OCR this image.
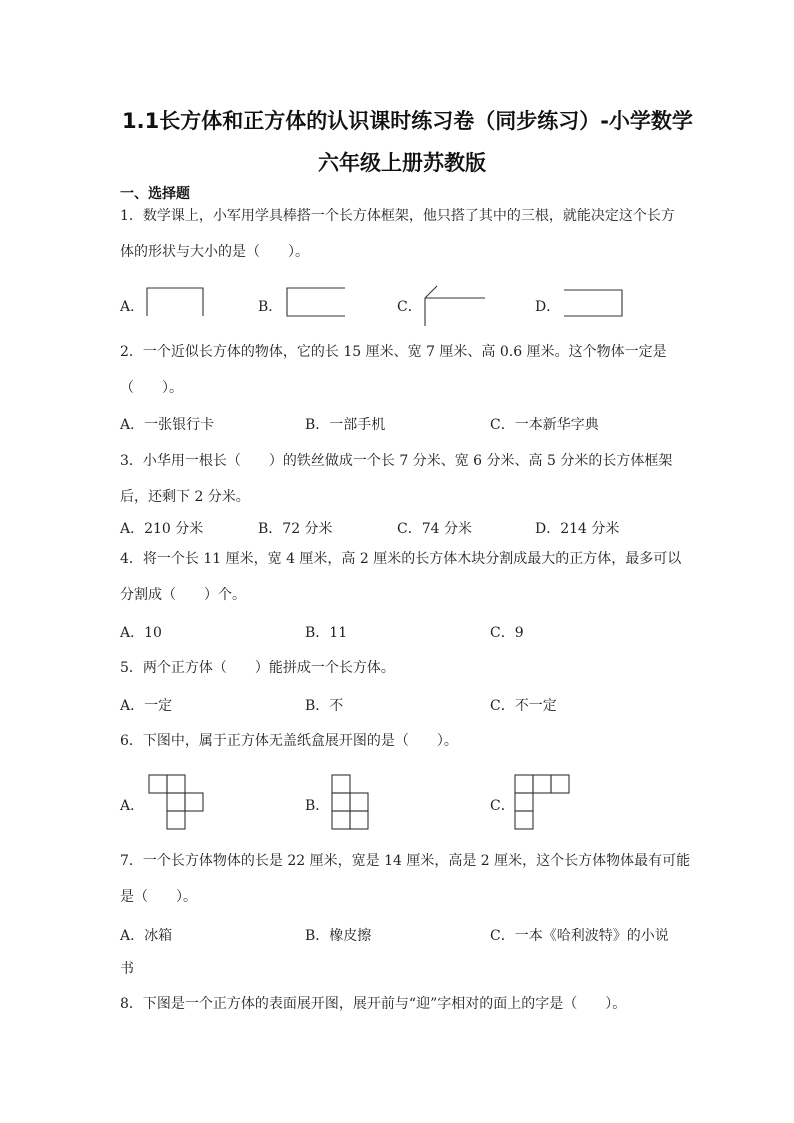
1.1长方体和正方体的认识课时练习卷（同步练习）-小学数学
六年级上册苏教版
一、选择题
1．数学课上，小军用学具棒搭一个长方体框架，他只搭了其中的三根，就能决定这个长方
体的形状与大小的是（　　）。
A．	B．	C．	D．
2．一个近似长方体的物体，它的长 15 厘米、宽 7 厘米、高 0.6 厘米。这个物体一定是
（　　）。
A．一张银行卡	B．一部手机	C．一本新华字典
3．小华用一根长（　　）的铁丝做成一个长 7 分米、宽 6 分米、高 5 分米的长方体框架
后，还剩下 2 分米。
A．210 分米	B．72 分米	C．74 分米	D．214 分米
4．将一个长 11 厘米，宽 4 厘米，高 2 厘米的长方体木块分割成最大的正方体，最多可以
分割成（　　）个。
A．10	B．11	C．9
5．两个正方体（　　）能拼成一个长方体。
A．一定	B．不	C．不一定
6．下图中，属于正方体无盖纸盒展开图的是（　　）。
A．	B．	C．
7．一个长方体物体的长是 22 厘米，宽是 14 厘米，高是 2 厘米，这个长方体物体最有可能
是（　　）。
A．冰箱	B．橡皮擦	C．一本《哈利波特》的小说
书
8．下图是一个正方体的表面展开图，展开前与“迎”字相对的面上的字是（　　）。
